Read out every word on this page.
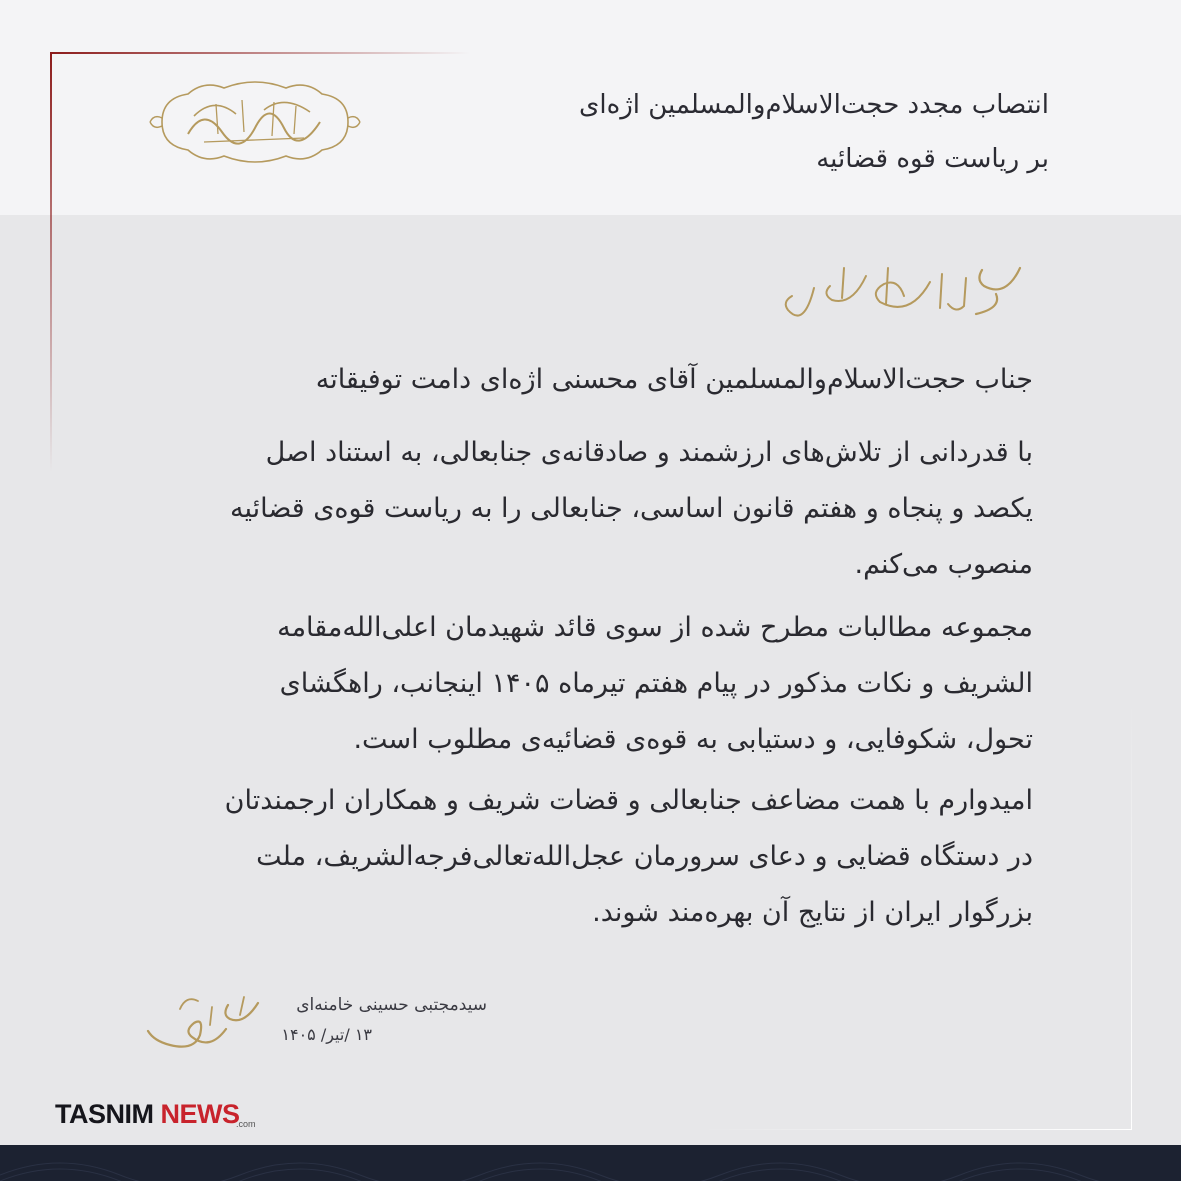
انتصاب مجدد حجت‌الاسلام‌والمسلمین اژه‌ای
بر ریاست قوه قضائیه

جناب حجت‌الاسلام‌والمسلمین آقای محسنی اژه‌ای دامت توفیقاته

با قدردانی از تلاش‌های ارزشمند و صادقانه‌ی جنابعالی، به استناد اصل
یکصد و پنجاه و هفتم قانون اساسی، جنابعالی را به ریاست قوه‌ی قضائیه
منصوب می‌کنم.
مجموعه مطالبات مطرح شده از سوی قائد شهیدمان اعلی‌الله‌مقامه
الشریف و نکات مذکور در پیام هفتم تیرماه ۱۴۰۵ اینجانب، راهگشای
تحول، شکوفایی، و دستیابی به قوه‌ی قضائیه‌ی مطلوب است.
امیدوارم با همت مضاعف جنابعالی و قضات شریف و همکاران ارجمندتان
در دستگاه قضایی و دعای سرورمان عجل‌الله‌تعالی‌فرجه‌الشریف، ملت
بزرگوار ایران از نتایج آن بهره‌مند شوند.

سیدمجتبی حسینی خامنه‌ای

۱۳ /تیر/ ۱۴۰۵

TASNIM NEWS
.com
